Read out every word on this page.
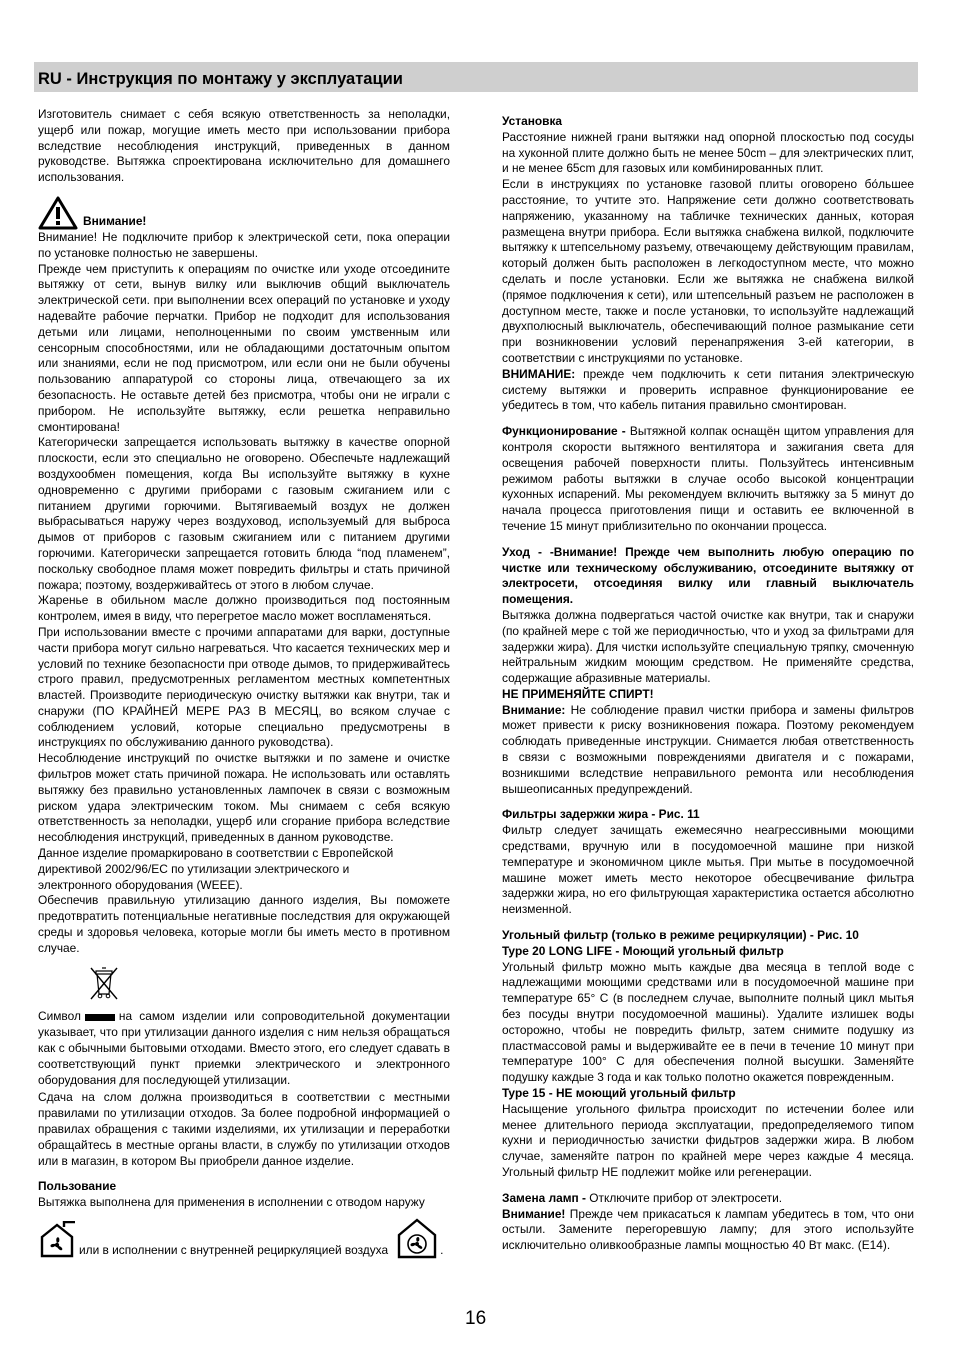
RU - Инструкция по монтажу у эксплуатации

Изготовитель снимает с себя всякую ответственность за неполадки, ущерб или пожар, могущие иметь место при использовании прибора вследствие несоблюдения инструкций, приведенных в данном руководстве. Вытяжка спроектирована исключительно для домашнего использования.

Внимание!

Внимание! Не подключите прибор к электрической сети, пока операции по установке полностью не завершены.

Прежде чем приступить к операциям по очистке или уходе отсоедините вытяжку от сети, вынув вилку или выключив общий выключатель электрической сети. при выполнении всех операций по установке и уходу надевайте рабочие перчатки. Прибор не подходит для использования детьми или лицами, неполноценными по своим умственным или сенсорным способностями, или не обладающими достаточным опытом или знаниями, если не под присмотром, или если они не были обучены пользованию аппаратурой со стороны лица, отвечающего за их безопасность. Не оставьте детей без присмотра, чтобы они не играли с прибором. Не используйте вытяжку, если решетка неправильно смонтирована!

Категорически запрещается использовать вытяжку в качестве опорной плоскости, если это специально не оговорено. Обеспечьте надлежащий воздухообмен помещения, когда Вы используйте вытяжку в кухне одновременно с другими приборами с газовым сжиганием или с питанием другими горючими. Вытягиваемый воздух не должен выбрасываться наружу через воздуховод, используемый для выброса дымов от приборов с газовым сжиганием или с питанием другими горючими. Категорически запрещается готовить блюда “под пламенем”, поскольку свободное пламя может повредить фильтры и стать причиной пожара; поэтому, воздерживайтесь от этого в любом случае.

Жаренье в обильном масле должно производиться под постоянным контролем, имея в виду, что перегретое масло может воспламеняться.

При использовании вместе с прочими аппаратами для варки, доступные части прибора могут сильно нагреваться. Что касается технических мер и условий по технике безопасности при отводе дымов, то придерживайтесь строго правил, предусмотренных регламентом местных компетентных властей. Производите периодическую очистку вытяжки как внутри, так и снаружи (ПО КРАЙНЕЙ МЕРЕ РАЗ В МЕСЯЦ, во всяком случае с соблюдением условий, которые специально предусмотрены в инструкциях по обслуживанию данного руководства).

Несоблюдение инструкций по очистке вытяжки и по замене и очистке фильтров может стать причиной пожара. Не использовать или оставлять вытяжку без правильно установленных лампочек в связи с возможным риском удара электрическим током. Мы снимаем с себя всякую ответственность за неполадки, ущерб или сгорание прибора вследствие несоблюдения инструкций, приведенных в данном руководстве.

Данное изделие промаркировано в соответствии с Европейской директивой 2002/96/EC по утилизации электрического и
электронного оборудования (WEEE).

Обеспечив правильную утилизацию данного изделия, Вы поможете предотвратить потенциальные негативные последствия для окружающей среды и здоровья человека, которые могли бы иметь место в противном случае.

Символ	на самом изделии или сопроводительной документации указывает, что при утилизации данного изделия с ним нельзя обращаться как с обычными бытовыми отходами. Вместо этого, его следует сдавать в соответствующий пункт приемки электрического и электронного оборудования для последующей утилизации.

Сдача на слом должна производиться в соответствии с местными правилами по утилизации отходов. За более подробной информацией о правилах обращения с такими изделиями, их утилизации и переработки обращайтесь в местные органы власти, в службу по утилизации отходов или в магазин, в котором Вы приобрели данное изделие.

Пользование

Вытяжка выполнена для применения в исполнении с отводом наружу

или в исполнении с внутренней рециркуляцией воздуха	.

Установка

Расстояние нижней грани вытяжки над опорной плоскостью под сосуды на хуконной плите должно быть не менее 50cm – для электрических плит, и не менее 65cm для газовых или комбинированных плит.

Если в инструкциях по установке газовой плиты оговорено бо́льшее расстояние, то учтите это. Напряжение сети должно соответствовать напряжению, указанному на табличке технических данных, которая размещена внутри прибора. Если вытяжка снабжена вилкой, подключите вытяжку к штепсельному разъему, отвечающему действующим правилам, который должен быть расположен в легкодоступном месте, что можно сделать и после установки. Если же вытяжка не снабжена вилкой (прямое подключения к сети), или штепсельный разъем не расположен в доступном месте, также и после установки, то используйте надлежащий двухполюсный выключатель, обеспечивающий полное размыкание сети при возникновении условий перенапряжения 3-ей категории, в соответствии с инструкциями по установке.

ВНИМАНИЕ: прежде чем подключить к сети питания электрическую систему вытяжки и проверить исправное функционирование ее убедитесь в том, что кабель питания правильно смонтирован.

Функционирование - Вытяжной колпак оснащён щитом управления для контроля скорости вытяжного вентилятора и зажигания света для освещения рабочей поверхности плиты. Пользуйтесь интенсивным режимом работы вытяжки в случае особо высокой концентрации кухонных испарений. Мы рекомендуем включить вытяжку за 5 минут до начала процесса приготовления пищи и оставить ее включенной в течение 15 минут приблизительно по окончании процесса.

Уход - -Внимание! Прежде чем выполнить любую операцию по чистке или техническому обслуживанию, отсоедините вытяжку от электросети, отсоединяя вилку или главный выключатель помещения.

Вытяжка должна подвергаться частой очистке как внутри, так и снаружи (по крайней мере с той же периодичностью, что и уход за фильтрами для задержки жира). Для чистки используйте специальную тряпку, смоченную нейтральным жидким моющим средством. Не применяйте средства, содержащие абразивные материалы.

НЕ ПРИМЕНЯЙТЕ СПИРТ!

Внимание: Не соблюдение правил чистки прибора и замены фильтров может привести к риску возникновения пожара. Поэтому рекомендуем соблюдать приведенные инструкции. Снимается любая ответственность в связи с возможными повреждениями двигателя и с пожарами, возникшими вследствие неправильного ремонта или несоблюдения вышеописанных предупреждений.

Фильтры задержки жира - Рис. 11

Фильтр следует зачищать ежемесячно неагрессивными моющими средствами, вручную или в посудомоечной машине при низкой температуре и экономичном цикле мытья. При мытье в посудомоечной машине может иметь место некоторое обесцвечивание фильтра задержки жира, но его фильтрующая характеристика остается абсолютно неизменной.

Угольный фильтр (только в режиме рециркуляции) - Рис. 10

Type 20 LONG LIFE - Моющий угольный фильтр

Угольный фильтр можно мыть каждые два месяца в теплой воде с надлежащими моющими средствами или в посудомоечной машине при температуре 65° С (в последнем случае, выполните полный цикл мытья без посуды внутри посудомоечной машины). Удалите излишек воды осторожно, чтобы не повредить фильтр, затем снимите подушку из пластмассовой рамы и выдерживайте ее в печи в течение 10 минут при температуре 100° С для обеспечения полной высушки. Заменяйте подушку каждые 3 года и как только полотно окажется поврежденным.

Type 15 - НЕ моющий угольный фильтр

Насыщение угольного фильтра происходит по истечении более или менее длительного периода эксплуатации, предопределяемого типом кухни и периодичностью зачистки фидьтров задержки жира. В любом случае, заменяйте патрон по крайней мере через каждые 4 месяца. Угольный фильтр НЕ подлежит мойке или регенерации.

Замена ламп - Отключите прибор от электросети.

Внимание! Прежде чем прикасаться к лампам убедитесь в том, что они остыли. Замените перегоревшую лампу; для этого используйте исключительно оливкообразные лампы мощностью 40 Вт макс. (E14).

16
